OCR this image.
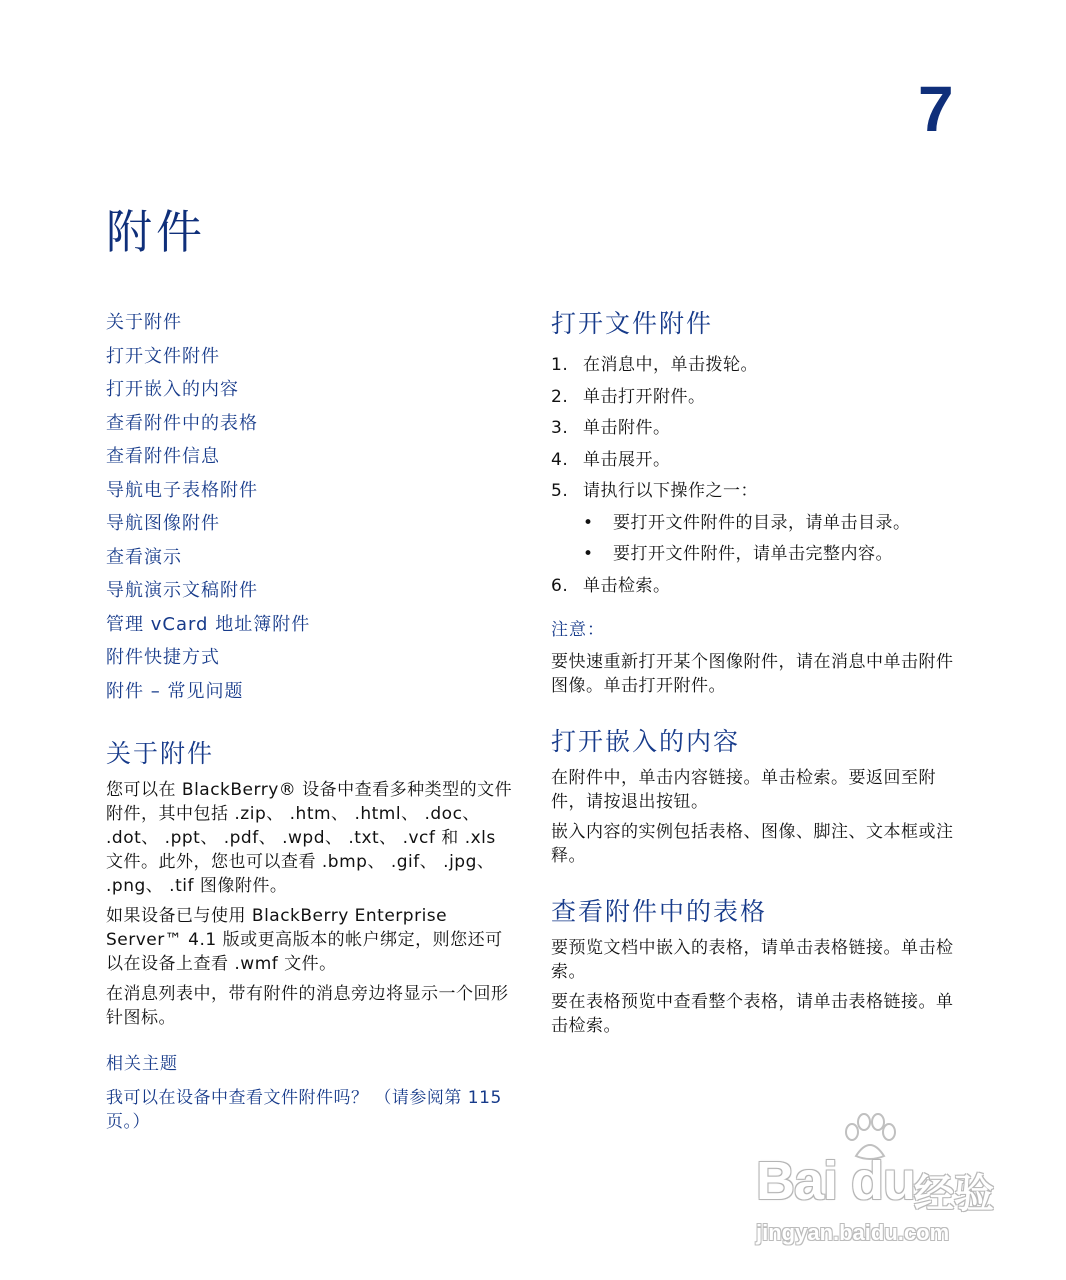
7
附件
关于附件
打开文件附件
打开嵌入的内容
查看附件中的表格
查看附件信息
导航电子表格附件
导航图像附件
查看演示
导航演示文稿附件
管理 vCard 地址簿附件
附件快捷方式
附件 – 常见问题
关于附件

您可以在 BlackBerry® 设备中查看多种类型的文件附件，其中包括 .zip、 .htm、 .html、 .doc、 .dot、 .ppt、 .pdf、 .wpd、 .txt、 .vcf 和 .xls 文件。此外，您也可以查看 .bmp、 .gif、 .jpg、 .png、 .tif 图像附件。

如果设备已与使用 BlackBerry Enterprise Server™ 4.1 版或更高版本的帐户绑定，则您还可以在设备上查看 .wmf 文件。

在消息列表中，带有附件的消息旁边将显示一个回形针图标。

相关主题
我可以在设备中查看文件附件吗？ （请参阅第 115 页。）
打开文件附件
1. 在消息中，单击拨轮。
2. 单击打开附件。
3. 单击附件。
4. 单击展开。
5. 请执行以下操作之一：
•	要打开文件附件的目录，请单击目录。
•	要打开文件附件，请单击完整内容。
6. 单击检索。
注意：

要快速重新打开某个图像附件，请在消息中单击附件图像。单击打开附件。

打开嵌入的内容

在附件中，单击内容链接。单击检索。要返回至附件，请按退出按钮。

嵌入内容的实例包括表格、图像、脚注、文本框或注释。

查看附件中的表格

要预览文档中嵌入的表格，请单击表格链接。单击检索。

要在表格预览中查看整个表格，请单击表格链接。单击检索。

Bai du
经验
jingyan.baidu.com
